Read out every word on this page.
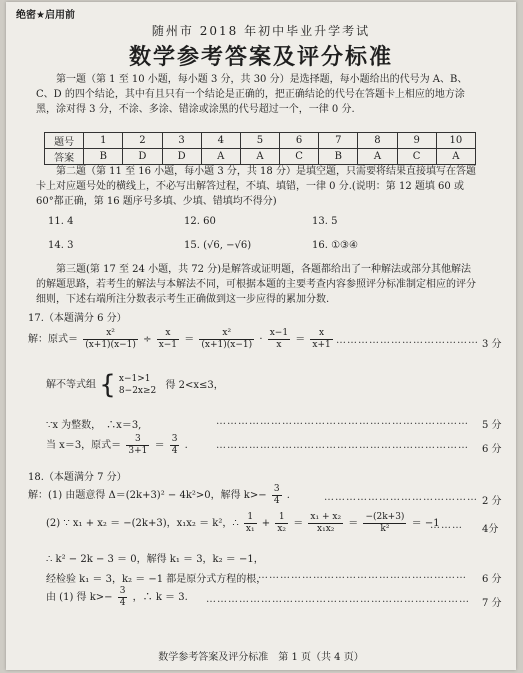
绝密★启用前
随州市 2018 年初中毕业升学考试
数学参考答案及评分标准
第一题（第 1 至 10 小题，每小题 3 分，共 30 分）是选择题，每小题给出的代号为 A、B、C、D 的四个结论，其中有且只有一个结论是正确的，把正确结论的代号在答题卡上相应的地方涂黑，涂对得 3 分，不涂、多涂、错涂或涂黑的代号超过一个，一律 0 分.
题号	1	2	3	4	5	6	7	8	9	10
答案	B	D	D	A	A	C	B	A	C	A
第二题（第 11 至 16 小题，每小题 3 分，共 18 分）是填空题，只需要将结果直接填写在答题卡上对应题号处的横线上，不必写出解答过程，不填、填错，一律 0 分.(说明：第 12 题填 60 或 60°都正确，第 16 题序号多填、少填、错填均不得分)
11. 4	12. 60	13. 5
14. 3	15. (√6, −√6)	16. ①③④
第三题(第 17 至 24 小题，共 72 分)是解答或证明题，各题都给出了一种解法或部分其他解法的解题思路，若考生的解法与本解法不同，可根据本题的主要考查内容参照评分标准制定相应的评分细则，下述右端所注分数表示考生正确做到这一步应得的累加分数.
17.（本题满分 6 分）
解：原式＝ $\frac{\text{x²}}{(x+1)(x-1)} \div \frac{x}{x-1} = \frac{\text{x²}}{(x+1)(x-1)} \cdot \frac{x-1}{x} = \frac{x}{x+1}$ ………………………………… 3 分
解不等式组 { x−1>1
8−2x≥2
得 2<x≤3，
∵x 为整数，　∴x＝3,	…………………………………………………………… 5 分
当 x＝3，原式＝ $\frac{3}{3+1} = \frac{3}{4}$ .	…………………………………………………………… 6 分
18.（本题满分 7 分）
解：(1) 由题意得 Δ＝(2k+3)² − 4k²>0，解得 $k>- \frac{3}{4}$ .	…………………………………… 2 分
(2) ∵ x₁ + x₂ ＝ −(2k+3)，x₁x₂ ＝ k²，∴ $\frac{1}{\text{x₁}} + \frac{1}{\text{x₂}} = \frac{\text{x₁ + x₂}}{\text{x₁x₂}} = \frac{-(2k+3)}{\text{k²}} = -1$
……… 4分
∴ k² − 2k − 3 ＝ 0，解得 k₁ ＝ 3，k₂ ＝ −1，
经检验 k₁ ＝ 3，k₂ ＝ −1 都是原分式方程的根，
………………………………………………… 6 分
由 (1) 得 $k>- \frac{3}{4}$ ，∴ k ＝ 3. ……………………………………………………………… 7 分
数学参考答案及评分标准　第 1 页（共 4 页）
